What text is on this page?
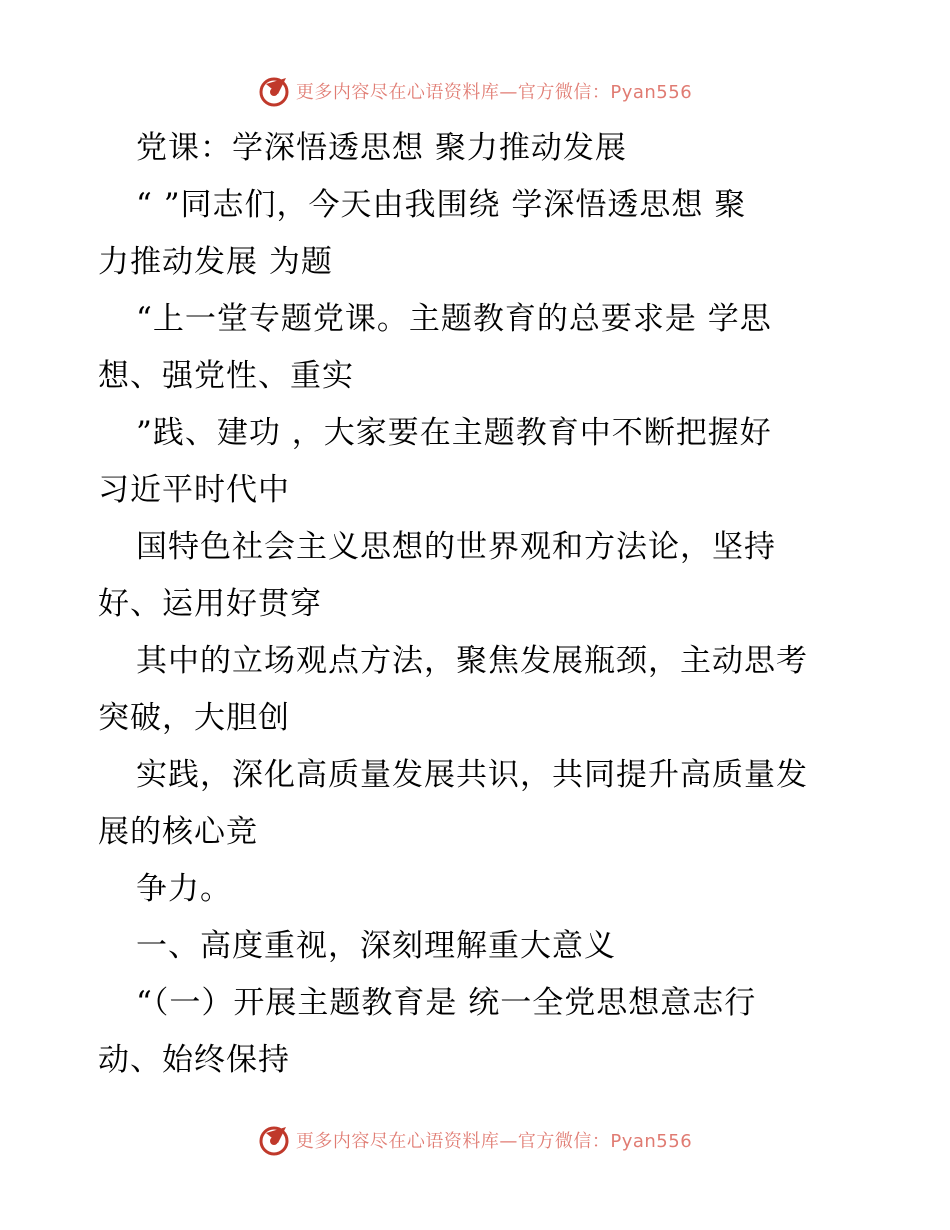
更多内容尽在心语资料库—官方微信：Pyan556
党课：学深悟透思想 聚力推动发展
“ ”同志们，今天由我围绕 学深悟透思想 聚
力推动发展 为题
“上一堂专题党课。主题教育的总要求是 学思
想、强党性、重实
”践、建功 ，大家要在主题教育中不断把握好
习近平时代中
国特色社会主义思想的世界观和方法论，坚持
好、运用好贯穿
其中的立场观点方法，聚焦发展瓶颈，主动思考
突破，大胆创
实践，深化高质量发展共识，共同提升高质量发
展的核心竞
争力。
一、高度重视，深刻理解重大意义
“（一）开展主题教育是 统一全党思想意志行
动、始终保持
更多内容尽在心语资料库—官方微信：Pyan556
